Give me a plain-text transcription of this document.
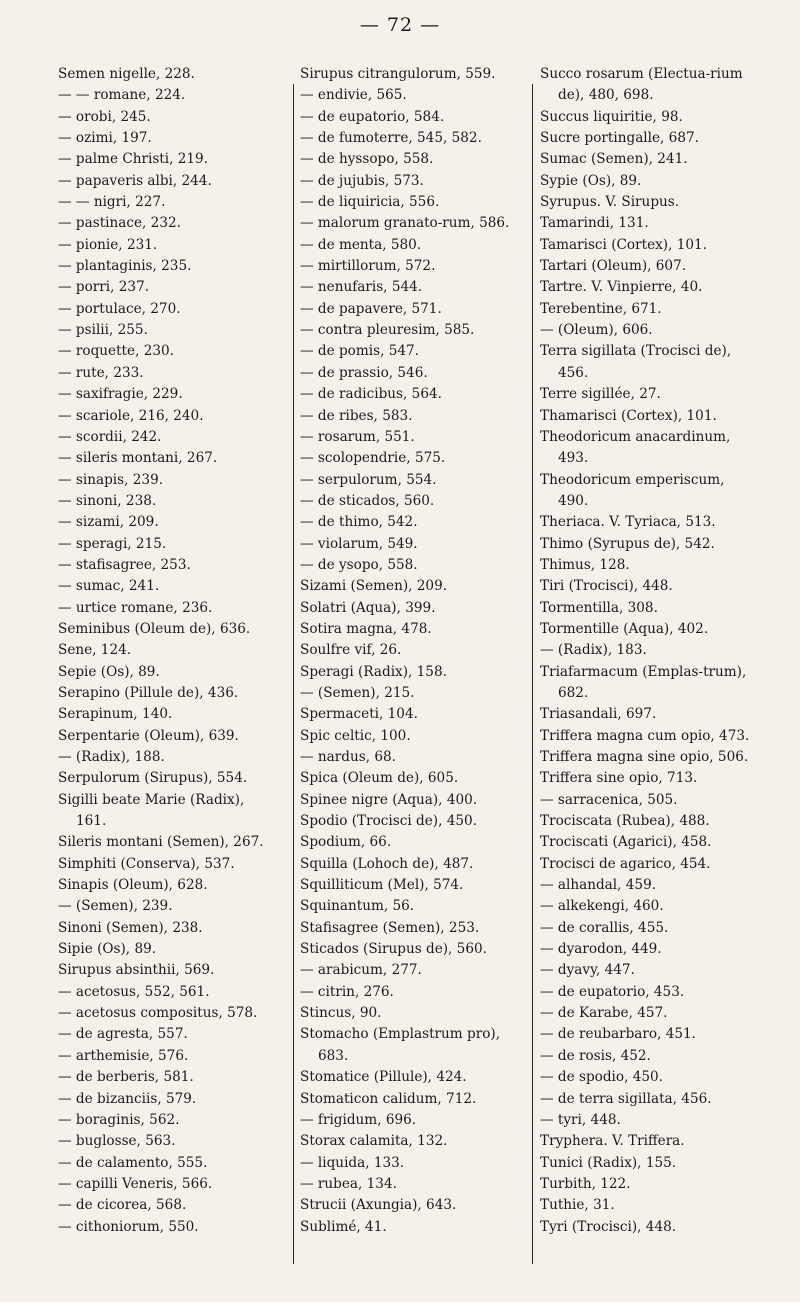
— 72 —
Semen nigelle, 228.
— — romane, 224.
— orobi, 245.
— ozimi, 197.
— palme Christi, 219.
— papaveris albi, 244.
— — nigri, 227.
— pastinace, 232.
— pionie, 231.
— plantaginis, 235.
— porri, 237.
— portulace, 270.
— psilii, 255.
— roquette, 230.
— rute, 233.
— saxifragie, 229.
— scariole, 216, 240.
— scordii, 242.
— sileris montani, 267.
— sinapis, 239.
— sinoni, 238.
— sizami, 209.
— speragi, 215.
— stafisagree, 253.
— sumac, 241.
— urtice romane, 236.
Seminibus (Oleum de), 636.
Sene, 124.
Sepie (Os), 89.
Serapino (Pillule de), 436.
Serapinum, 140.
Serpentarie (Oleum), 639.
— (Radix), 188.
Serpulorum (Sirupus), 554.
Sigilli beate Marie (Radix), 161.
Sileris montani (Semen), 267.
Simphiti (Conserva), 537.
Sinapis (Oleum), 628.
— (Semen), 239.
Sinoni (Semen), 238.
Sipie (Os), 89.
Sirupus absinthii, 569.
— acetosus, 552, 561.
— acetosus compositus, 578.
— de agresta, 557.
— arthemisie, 576.
— de berberis, 581.
— de bizanciis, 579.
— boraginis, 562.
— buglosse, 563.
— de calamento, 555.
— capilli Veneris, 566.
— de cicorea, 568.
— cithoniorum, 550.
Sirupus citrangulorum, 559.
— endivie, 565.
— de eupatorio, 584.
— de fumoterre, 545, 582.
— de hyssopo, 558.
— de jujubis, 573.
— de liquiricia, 556.
— malorum granato-rum, 586.
— de menta, 580.
— mirtillorum, 572.
— nenufaris, 544.
— de papavere, 571.
— contra pleuresim, 585.
— de pomis, 547.
— de prassio, 546.
— de radicibus, 564.
— de ribes, 583.
— rosarum, 551.
— scolopendrie, 575.
— serpulorum, 554.
— de sticados, 560.
— de thimo, 542.
— violarum, 549.
— de ysopo, 558.
Sizami (Semen), 209.
Solatri (Aqua), 399.
Sotira magna, 478.
Soulfre vif, 26.
Speragi (Radix), 158.
— (Semen), 215.
Spermaceti, 104.
Spic celtic, 100.
— nardus, 68.
Spica (Oleum de), 605.
Spinee nigre (Aqua), 400.
Spodio (Trocisci de), 450.
Spodium, 66.
Squilla (Lohoch de), 487.
Squilliticum (Mel), 574.
Squinantum, 56.
Stafisagree (Semen), 253.
Sticados (Sirupus de), 560.
— arabicum, 277.
— citrin, 276.
Stincus, 90.
Stomacho (Emplastrum pro), 683.
Stomatice (Pillule), 424.
Stomaticon calidum, 712.
— frigidum, 696.
Storax calamita, 132.
— liquida, 133.
— rubea, 134.
Strucii (Axungia), 643.
Sublimé, 41.
Succo rosarum (Electua-rium de), 480, 698.
Succus liquiritie, 98.
Sucre portingalle, 687.
Sumac (Semen), 241.
Sypie (Os), 89.
Syrupus. V. Sirupus.
Tamarindi, 131.
Tamarisci (Cortex), 101.
Tartari (Oleum), 607.
Tartre. V. Vinpierre, 40.
Terebentine, 671.
— (Oleum), 606.
Terra sigillata (Trocisci de), 456.
Terre sigillée, 27.
Thamarisci (Cortex), 101.
Theodoricum anacardinum, 493.
Theodoricum emperiscum, 490.
Theriaca. V. Tyriaca, 513.
Thimo (Syrupus de), 542.
Thimus, 128.
Tiri (Trocisci), 448.
Tormentilla, 308.
Tormentille (Aqua), 402.
— (Radix), 183.
Triafarmacum (Emplas-trum), 682.
Triasandali, 697.
Triffera magna cum opio, 473.
Triffera magna sine opio, 506.
Triffera sine opio, 713.
— sarracenica, 505.
Trociscata (Rubea), 488.
Trociscati (Agarici), 458.
Trocisci de agarico, 454.
— alhandal, 459.
— alkekengi, 460.
— de corallis, 455.
— dyarodon, 449.
— dyavy, 447.
— de eupatorio, 453.
— de Karabe, 457.
— de reubarbaro, 451.
— de rosis, 452.
— de spodio, 450.
— de terra sigillata, 456.
— tyri, 448.
Tryphera. V. Triffera.
Tunici (Radix), 155.
Turbith, 122.
Tuthie, 31.
Tyri (Trocisci), 448.
